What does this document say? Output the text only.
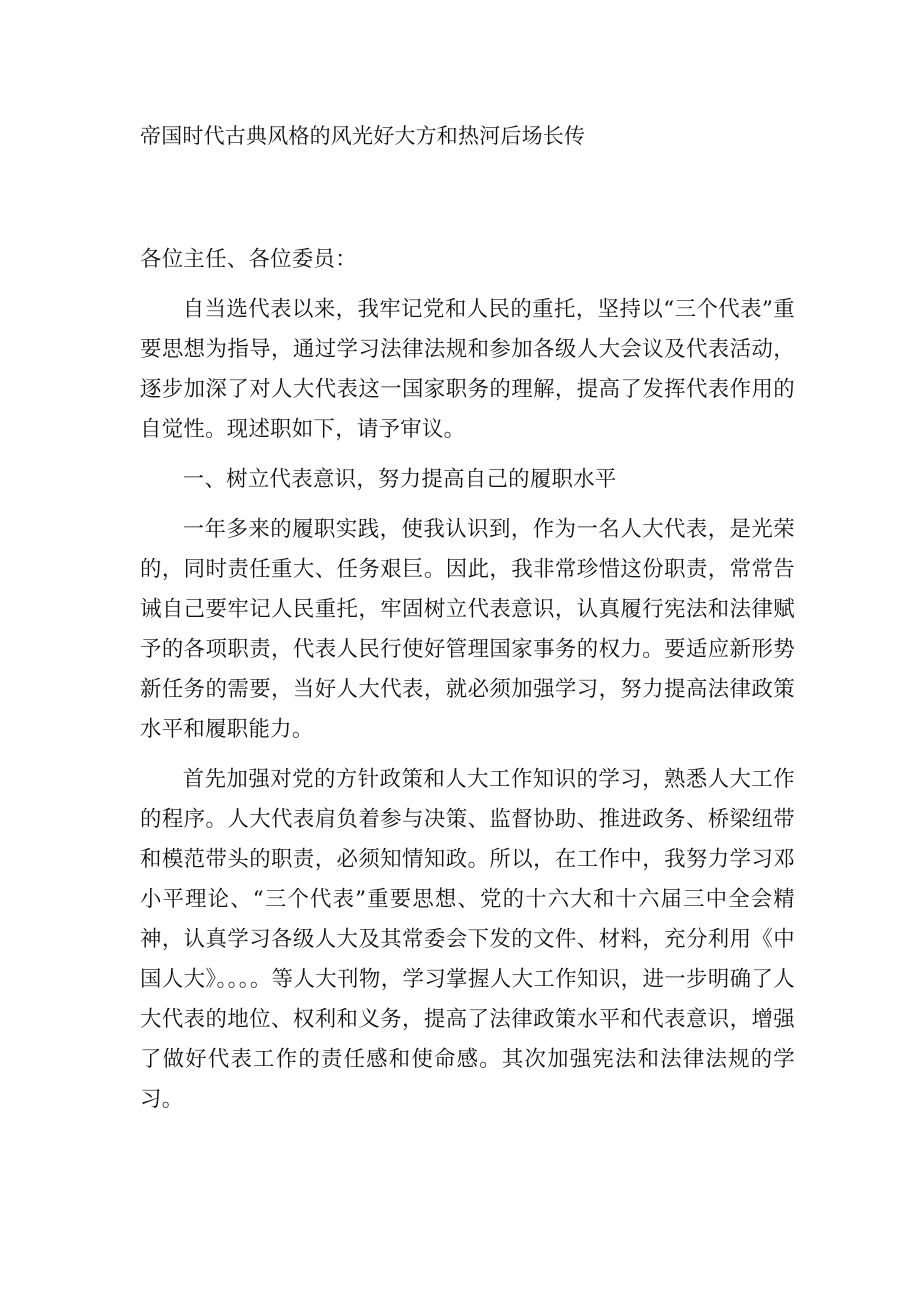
帝国时代古典风格的风光好大方和热河后场长传

各位主任、各位委员：

自当选代表以来，我牢记党和人民的重托，坚持以“三个代表”重要思想为指导，通过学习法律法规和参加各级人大会议及代表活动，逐步加深了对人大代表这一国家职务的理解，提高了发挥代表作用的自觉性。现述职如下，请予审议。

一、树立代表意识，努力提高自己的履职水平

一年多来的履职实践，使我认识到，作为一名人大代表，是光荣的，同时责任重大、任务艰巨。因此，我非常珍惜这份职责，常常告诫自己要牢记人民重托，牢固树立代表意识，认真履行宪法和法律赋予的各项职责，代表人民行使好管理国家事务的权力。要适应新形势新任务的需要，当好人大代表，就必须加强学习，努力提高法律政策水平和履职能力。

首先加强对党的方针政策和人大工作知识的学习，熟悉人大工作的程序。人大代表肩负着参与决策、监督协助、推进政务、桥梁纽带和模范带头的职责，必须知情知政。所以，在工作中，我努力学习邓小平理论、“三个代表”重要思想、党的十六大和十六届三中全会精神，认真学习各级人大及其常委会下发的文件、材料，充分利用《中国人大》。。。。等人大刊物，学习掌握人大工作知识，进一步明确了人大代表的地位、权利和义务，提高了法律政策水平和代表意识，增强了做好代表工作的责任感和使命感。其次加强宪法和法律法规的学习。
